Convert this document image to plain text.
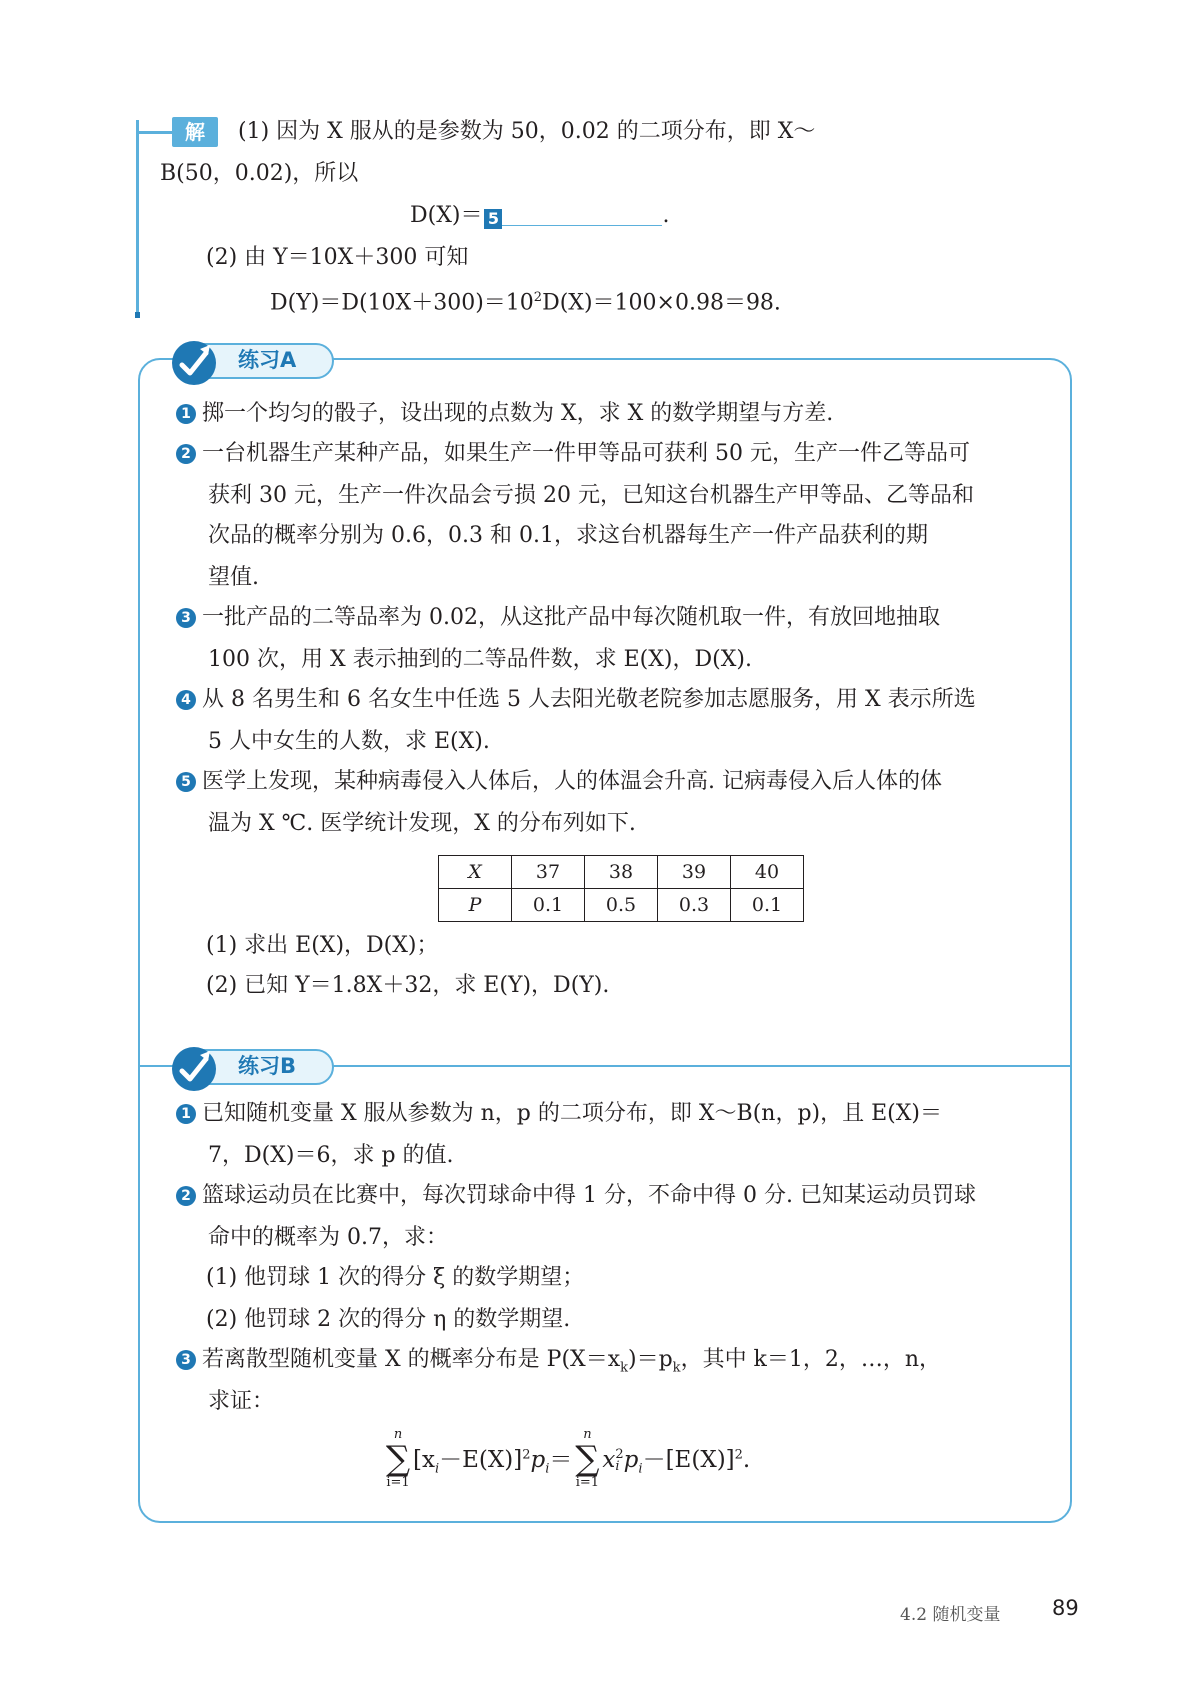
解	(1) 因为 X 服从的是参数为 50，0.02 的二项分布，即 X～
B(50，0.02)，所以
D(X)＝ 5	.
(2) 由 Y＝10X＋300 可知
$D(Y)=D(10X+300)=10^2D(X)=100\times 0.98=98$.
练习A
1 掷一个均匀的骰子，设出现的点数为 X，求 X 的数学期望与方差.
2 一台机器生产某种产品，如果生产一件甲等品可获利 50 元，生产一件乙等品可
获利 30 元，生产一件次品会亏损 20 元，已知这台机器生产甲等品、乙等品和
次品的概率分别为 0.6，0.3 和 0.1，求这台机器每生产一件产品获利的期
望值.
3 一批产品的二等品率为 0.02，从这批产品中每次随机取一件，有放回地抽取
100 次，用 X 表示抽到的二等品件数，求 E(X)，D(X).
4 从 8 名男生和 6 名女生中任选 5 人去阳光敬老院参加志愿服务，用 X 表示所选
5 人中女生的人数，求 E(X).
5 医学上发现，某种病毒侵入人体后，人的体温会升高. 记病毒侵入后人体的体
温为 X ℃. 医学统计发现，X 的分布列如下.
X	37	38	39	40
P	0.1	0.5	0.3	0.1
(1) 求出 E(X)，D(X)；
(2) 已知 Y＝1.8X＋32，求 E(Y)，D(Y).
练习B
1 已知随机变量 X 服从参数为 n，p 的二项分布，即 X～B(n，p)，且 E(X)＝
7，D(X)＝6，求 p 的值.
2 篮球运动员在比赛中，每次罚球命中得 1 分，不命中得 0 分. 已知某运动员罚球
命中的概率为 0.7，求：
(1) 他罚球 1 次的得分 ξ 的数学期望；
(2) 他罚球 2 次的得分 η 的数学期望.
3 若离散型随机变量 X 的概率分布是 $P(X=x_k)=p_k$，其中 k＝1，2，…，n，
求证：
n
∑
i=1
$[x_i-E(X)]^2p_i=$
n
∑
i=1
x 2
i $p_i-[E(X)]^2$.
4.2 随机变量 89
